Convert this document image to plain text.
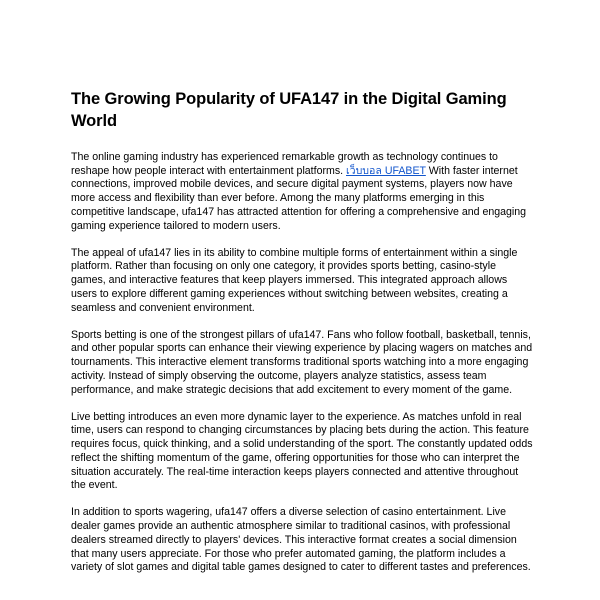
The Growing Popularity of UFA147 in the Digital Gaming World

The online gaming industry has experienced remarkable growth as technology continues to reshape how people interact with entertainment platforms. เว็บบอล UFABET With faster internet connections, improved mobile devices, and secure digital payment systems, players now have more access and flexibility than ever before. Among the many platforms emerging in this competitive landscape, ufa147 has attracted attention for offering a comprehensive and engaging gaming experience tailored to modern users.

The appeal of ufa147 lies in its ability to combine multiple forms of entertainment within a single platform. Rather than focusing on only one category, it provides sports betting, casino-style games, and interactive features that keep players immersed. This integrated approach allows users to explore different gaming experiences without switching between websites, creating a seamless and convenient environment.

Sports betting is one of the strongest pillars of ufa147. Fans who follow football, basketball, tennis, and other popular sports can enhance their viewing experience by placing wagers on matches and tournaments. This interactive element transforms traditional sports watching into a more engaging activity. Instead of simply observing the outcome, players analyze statistics, assess team performance, and make strategic decisions that add excitement to every moment of the game.

Live betting introduces an even more dynamic layer to the experience. As matches unfold in real time, users can respond to changing circumstances by placing bets during the action. This feature requires focus, quick thinking, and a solid understanding of the sport. The constantly updated odds reflect the shifting momentum of the game, offering opportunities for those who can interpret the situation accurately. The real-time interaction keeps players connected and attentive throughout the event.

In addition to sports wagering, ufa147 offers a diverse selection of casino entertainment. Live dealer games provide an authentic atmosphere similar to traditional casinos, with professional dealers streamed directly to players' devices. This interactive format creates a social dimension that many users appreciate. For those who prefer automated gaming, the platform includes a variety of slot games and digital table games designed to cater to different tastes and preferences.
